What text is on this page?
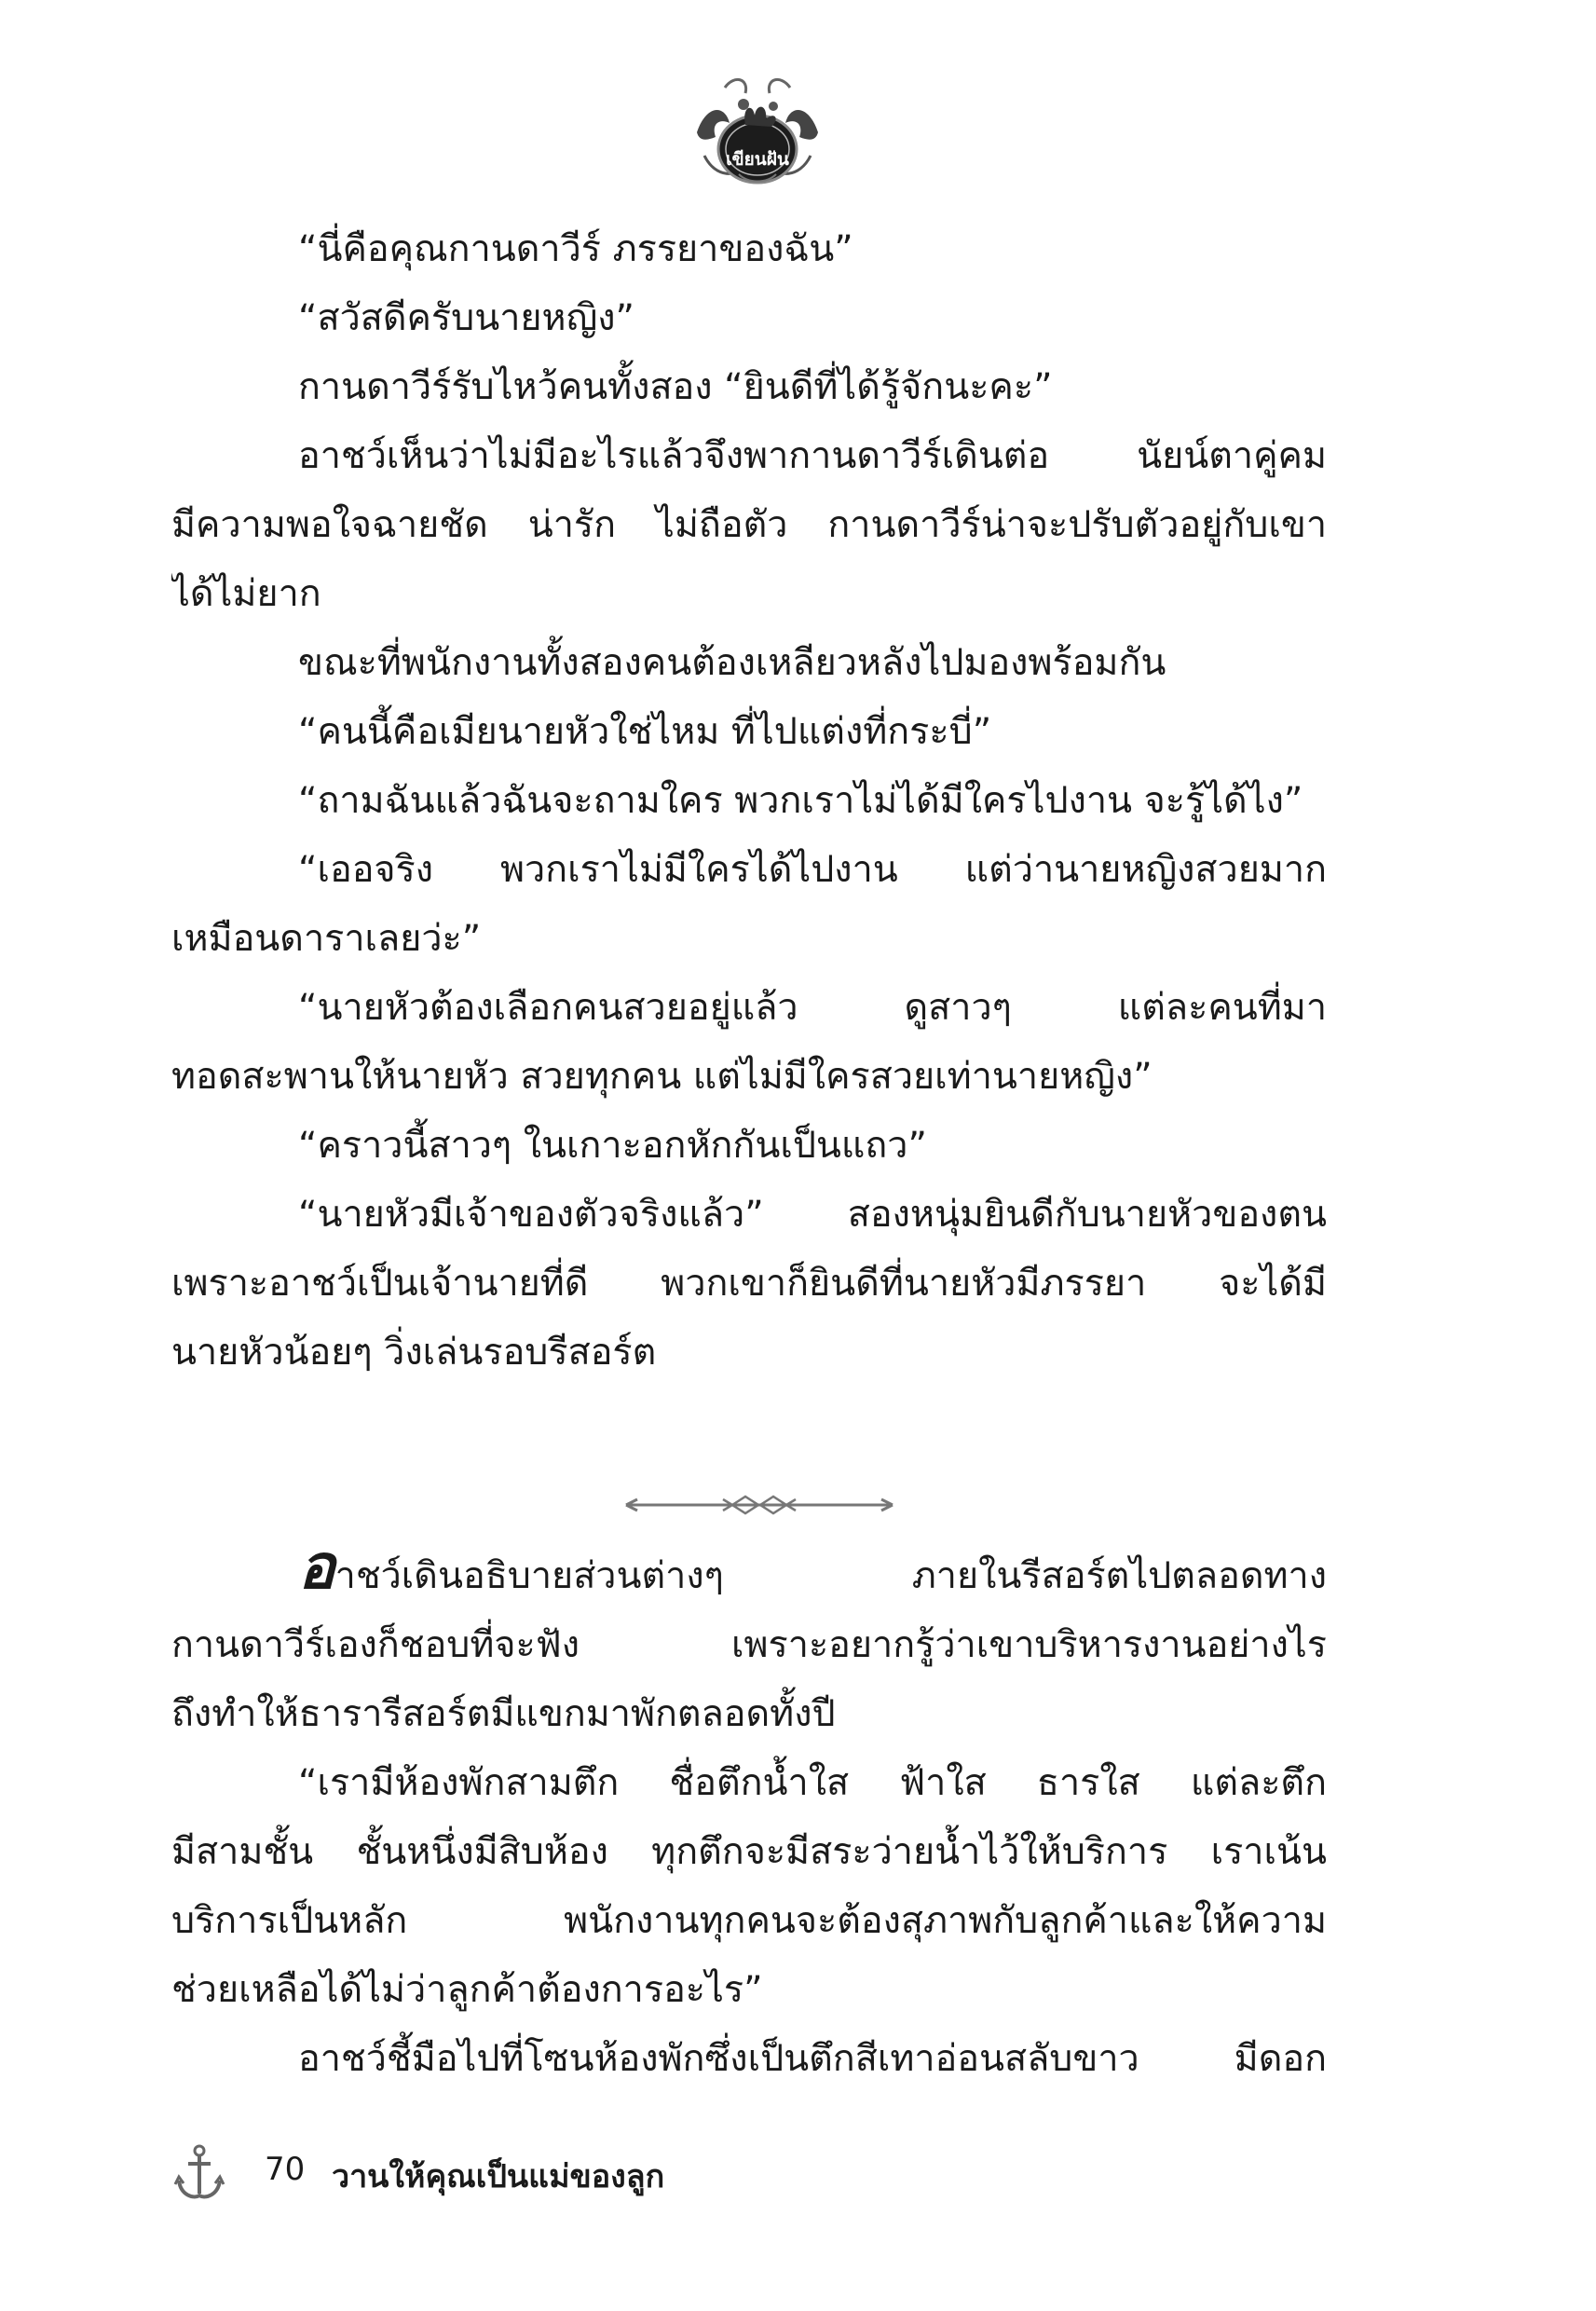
เขียนฝัน
“นี่คือคุณกานดาวีร์ ภรรยาของฉัน”
“สวัสดีครับนายหญิง”
กานดาวีร์รับไหว้คนทั้งสอง “ยินดีที่ได้รู้จักนะคะ”
อาชว์เห็นว่าไม่มีอะไรแล้วจึงพากานดาวีร์เดินต่อ นัยน์ตาคู่คม
มีความพอใจฉายชัด น่ารัก ไม่ถือตัว กานดาวีร์น่าจะปรับตัวอยู่กับเขา
ได้ไม่ยาก
ขณะที่พนักงานทั้งสองคนต้องเหลียวหลังไปมองพร้อมกัน
“คนนี้คือเมียนายหัวใช่ไหม ที่ไปแต่งที่กระบี่”
“ถามฉันแล้วฉันจะถามใคร พวกเราไม่ได้มีใครไปงาน จะรู้ได้ไง”
“เออจริง พวกเราไม่มีใครได้ไปงาน แต่ว่านายหญิงสวยมาก
เหมือนดาราเลยว่ะ”
“นายหัวต้องเลือกคนสวยอยู่แล้ว ดูสาวๆ แต่ละคนที่มา
ทอดสะพานให้นายหัว สวยทุกคน แต่ไม่มีใครสวยเท่านายหญิง”
“คราวนี้สาวๆ ในเกาะอกหักกันเป็นแถว”
“นายหัวมีเจ้าของตัวจริงแล้ว” สองหนุ่มยินดีกับนายหัวของตน
เพราะอาชว์เป็นเจ้านายที่ดี พวกเขาก็ยินดีที่นายหัวมีภรรยา จะได้มี
นายหัวน้อยๆ วิ่งเล่นรอบรีสอร์ต
อาชว์เดินอธิบายส่วนต่างๆ ภายในรีสอร์ตไปตลอดทาง
กานดาวีร์เองก็ชอบที่จะฟัง เพราะอยากรู้ว่าเขาบริหารงานอย่างไร
ถึงทำให้ธารารีสอร์ตมีแขกมาพักตลอดทั้งปี
“เรามีห้องพักสามตึก ชื่อตึกน้ำใส ฟ้าใส ธารใส แต่ละตึก
มีสามชั้น ชั้นหนึ่งมีสิบห้อง ทุกตึกจะมีสระว่ายน้ำไว้ให้บริการ เราเน้น
บริการเป็นหลัก พนักงานทุกคนจะต้องสุภาพกับลูกค้าและให้ความ
ช่วยเหลือได้ไม่ว่าลูกค้าต้องการอะไร”
อาชว์ชี้มือไปที่โซนห้องพักซึ่งเป็นตึกสีเทาอ่อนสลับขาว มีดอก
70 วานให้คุณเป็นแม่ของลูก
